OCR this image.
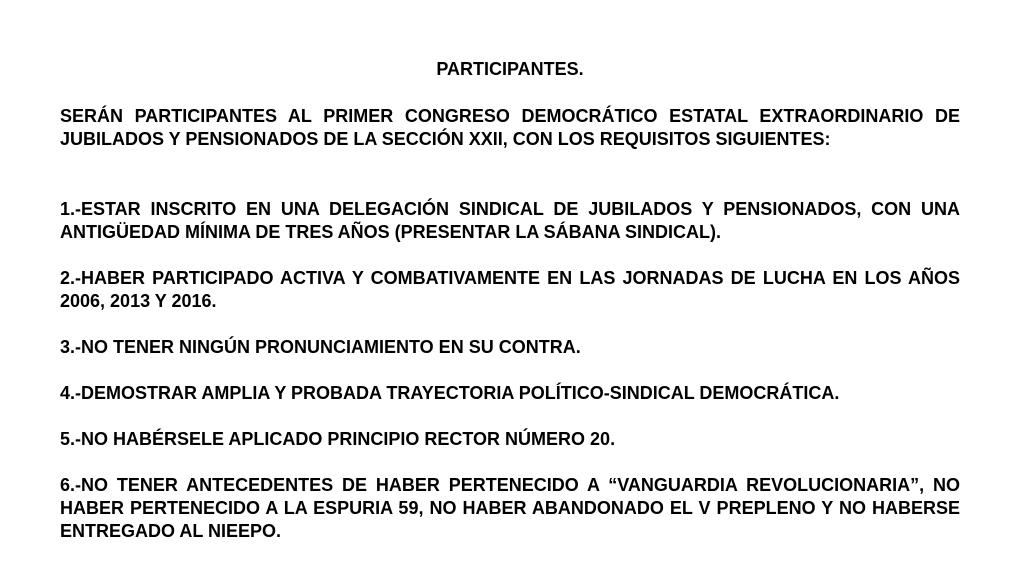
PARTICIPANTES.

SERÁN PARTICIPANTES AL PRIMER CONGRESO DEMOCRÁTICO ESTATAL EXTRAORDINARIO DE JUBILADOS Y PENSIONADOS DE LA SECCIÓN XXII, CON LOS REQUISITOS SIGUIENTES:

1.-ESTAR INSCRITO EN UNA DELEGACIÓN SINDICAL DE JUBILADOS Y PENSIONADOS, CON UNA ANTIGÜEDAD MÍNIMA DE TRES AÑOS (PRESENTAR LA SÁBANA SINDICAL).

2.-HABER PARTICIPADO ACTIVA Y COMBATIVAMENTE EN LAS JORNADAS DE LUCHA EN LOS AÑOS 2006, 2013 Y 2016.

3.-NO TENER NINGÚN PRONUNCIAMIENTO EN SU CONTRA.

4.-DEMOSTRAR AMPLIA Y PROBADA TRAYECTORIA POLÍTICO-SINDICAL DEMOCRÁTICA.

5.-NO HABÉRSELE APLICADO PRINCIPIO RECTOR NÚMERO 20.

6.-NO TENER ANTECEDENTES DE HABER PERTENECIDO A “VANGUARDIA REVOLUCIONARIA”, NO HABER PERTENECIDO A LA ESPURIA 59, NO HABER ABANDONADO EL V PREPLENO Y NO HABERSE ENTREGADO AL NIEEPO.
